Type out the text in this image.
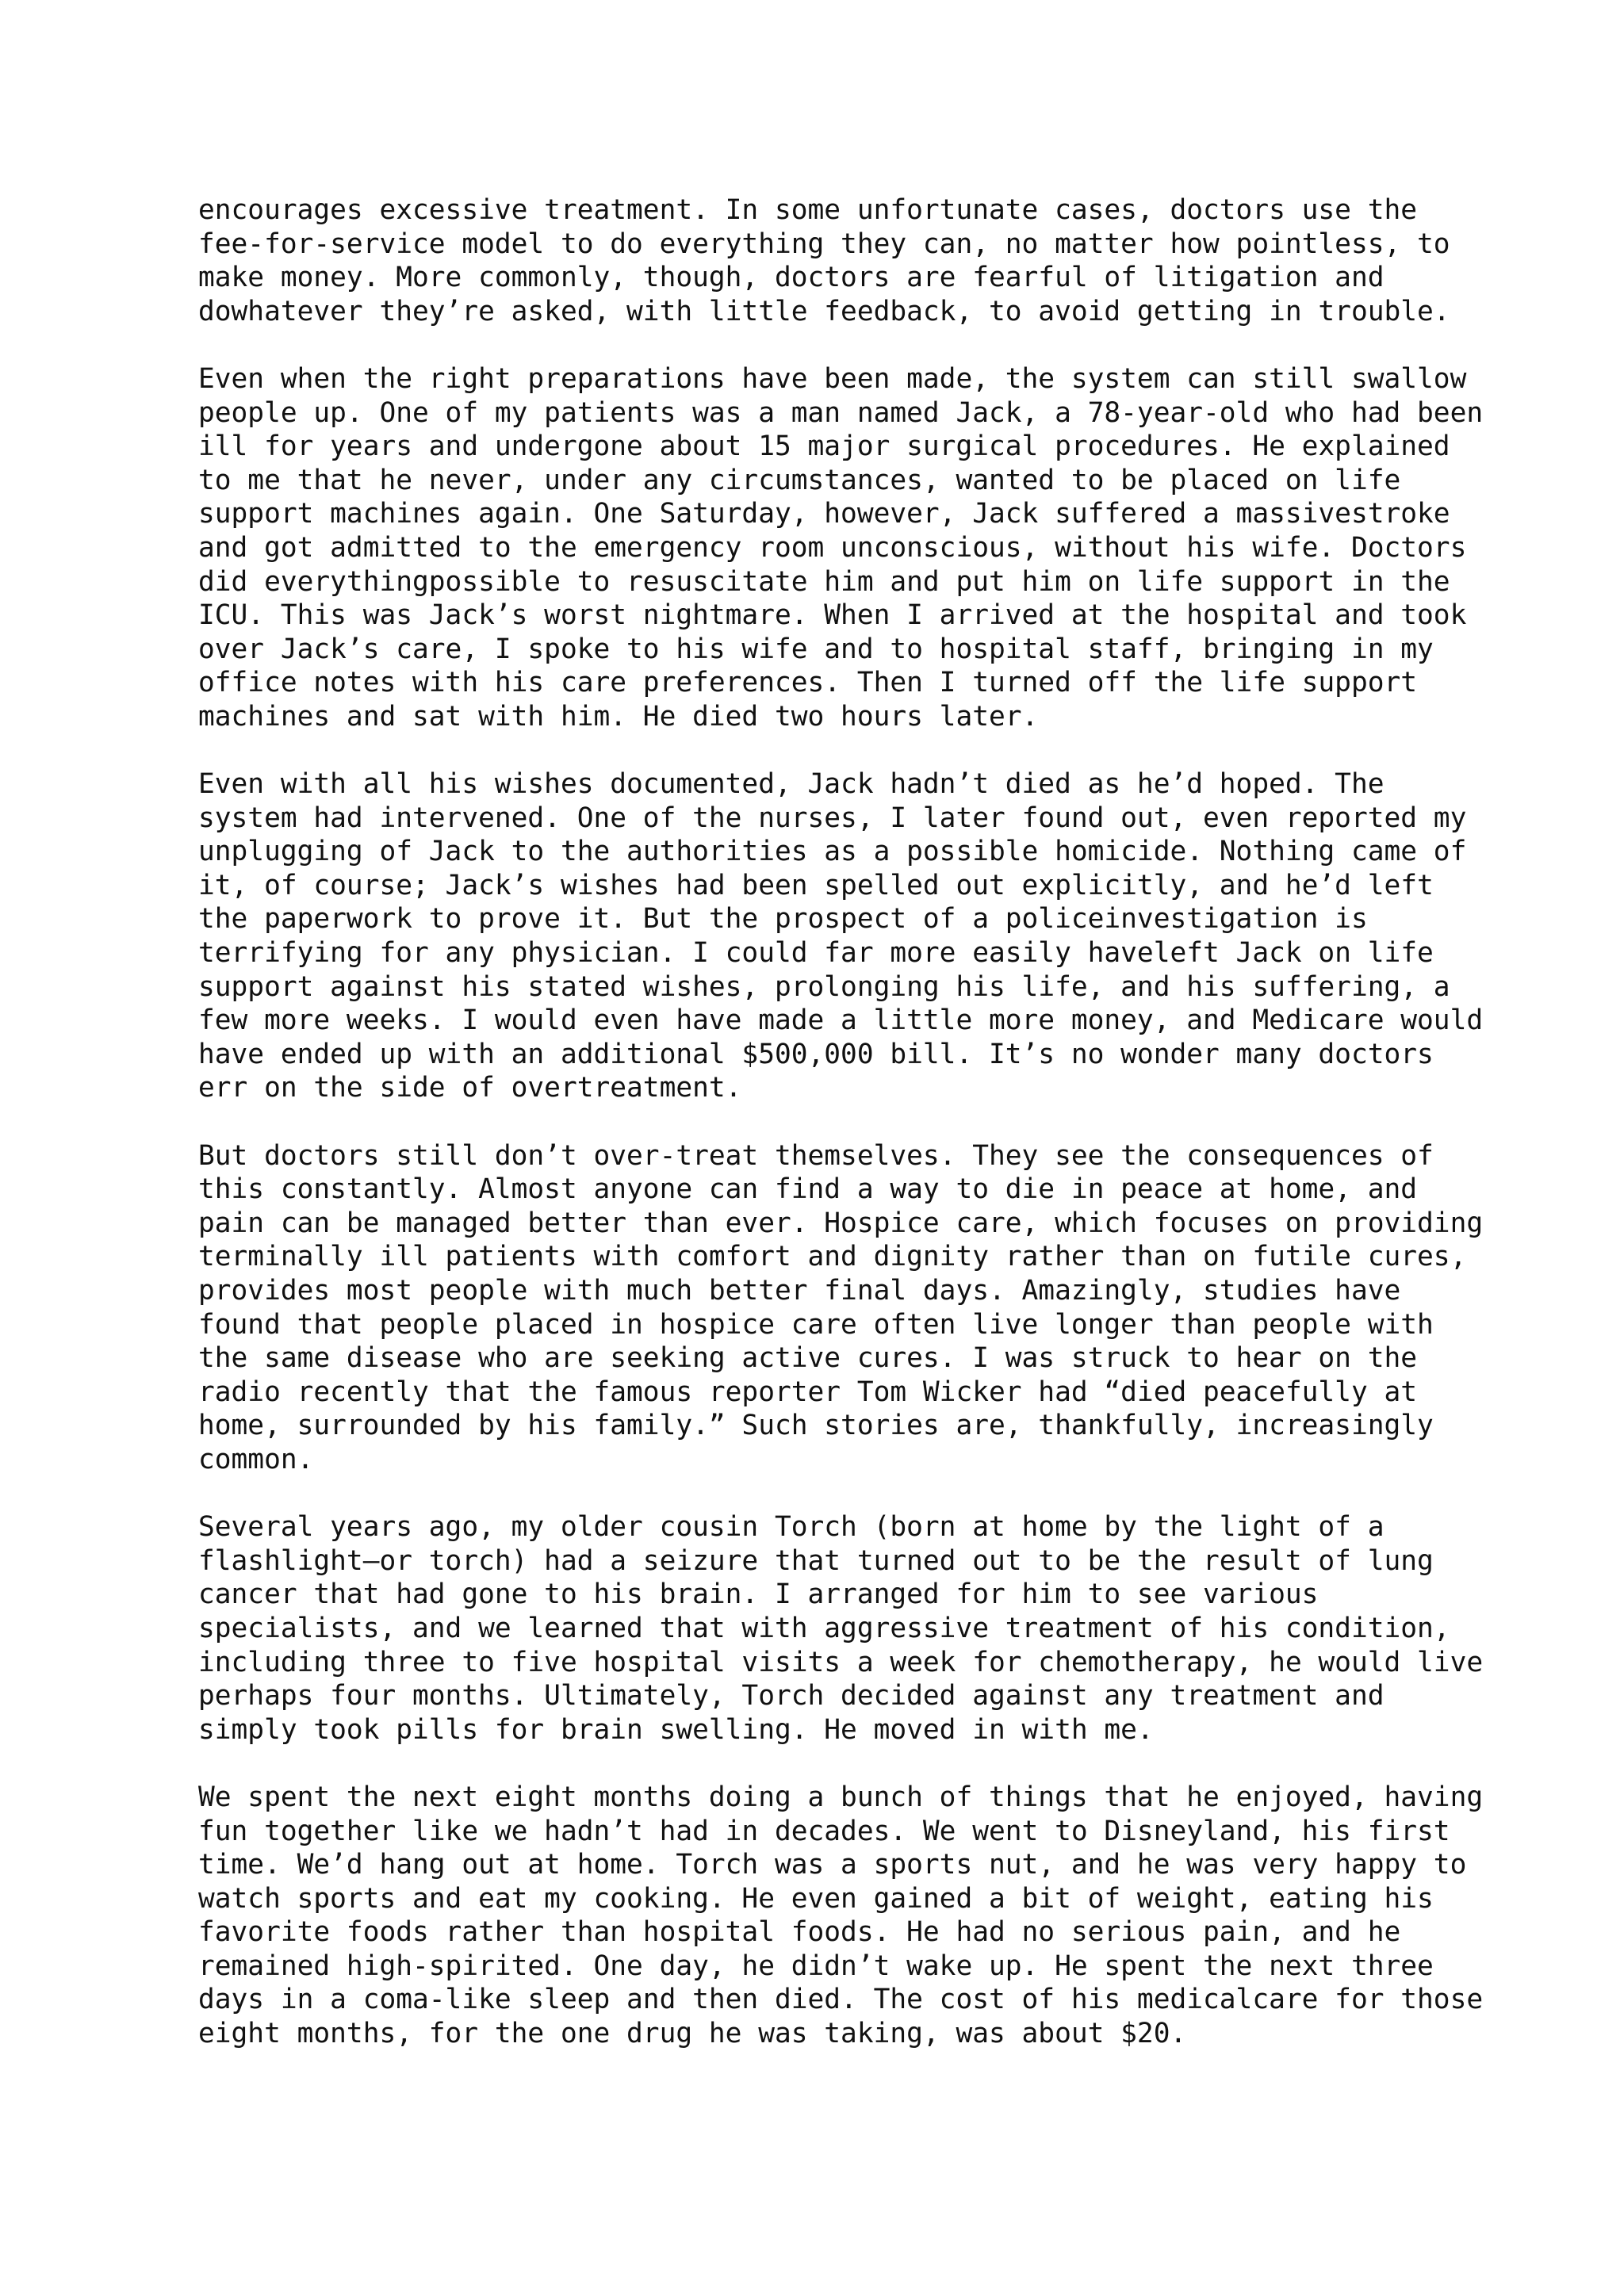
encourages excessive treatment. In some unfortunate cases, doctors use the
fee-for-service model to do everything they can, no matter how pointless, to
make money. More commonly, though, doctors are fearful of litigation and
dowhatever they’re asked, with little feedback, to avoid getting in trouble.
Even when the right preparations have been made, the system can still swallow
people up. One of my patients was a man named Jack, a 78-year-old who had been
ill for years and undergone about 15 major surgical procedures. He explained
to me that he never, under any circumstances, wanted to be placed on life
support machines again. One Saturday, however, Jack suffered a massivestroke
and got admitted to the emergency room unconscious, without his wife. Doctors
did everythingpossible to resuscitate him and put him on life support in the
ICU. This was Jack’s worst nightmare. When I arrived at the hospital and took
over Jack’s care, I spoke to his wife and to hospital staff, bringing in my
office notes with his care preferences. Then I turned off the life support
machines and sat with him. He died two hours later.
Even with all his wishes documented, Jack hadn’t died as he’d hoped. The
system had intervened. One of the nurses, I later found out, even reported my
unplugging of Jack to the authorities as a possible homicide. Nothing came of
it, of course; Jack’s wishes had been spelled out explicitly, and he’d left
the paperwork to prove it. But the prospect of a policeinvestigation is
terrifying for any physician. I could far more easily haveleft Jack on life
support against his stated wishes, prolonging his life, and his suffering, a
few more weeks. I would even have made a little more money, and Medicare would
have ended up with an additional $500,000 bill. It’s no wonder many doctors
err on the side of overtreatment.
But doctors still don’t over-treat themselves. They see the consequences of
this constantly. Almost anyone can find a way to die in peace at home, and
pain can be managed better than ever. Hospice care, which focuses on providing
terminally ill patients with comfort and dignity rather than on futile cures,
provides most people with much better final days. Amazingly, studies have
found that people placed in hospice care often live longer than people with
the same disease who are seeking active cures. I was struck to hear on the
radio recently that the famous reporter Tom Wicker had “died peacefully at
home, surrounded by his family.” Such stories are, thankfully, increasingly
common.
Several years ago, my older cousin Torch (born at home by the light of a
flashlight—or torch) had a seizure that turned out to be the result of lung
cancer that had gone to his brain. I arranged for him to see various
specialists, and we learned that with aggressive treatment of his condition,
including three to five hospital visits a week for chemotherapy, he would live
perhaps four months. Ultimately, Torch decided against any treatment and
simply took pills for brain swelling. He moved in with me.
We spent the next eight months doing a bunch of things that he enjoyed, having
fun together like we hadn’t had in decades. We went to Disneyland, his first
time. We’d hang out at home. Torch was a sports nut, and he was very happy to
watch sports and eat my cooking. He even gained a bit of weight, eating his
favorite foods rather than hospital foods. He had no serious pain, and he
remained high-spirited. One day, he didn’t wake up. He spent the next three
days in a coma-like sleep and then died. The cost of his medicalcare for those
eight months, for the one drug he was taking, was about $20.
